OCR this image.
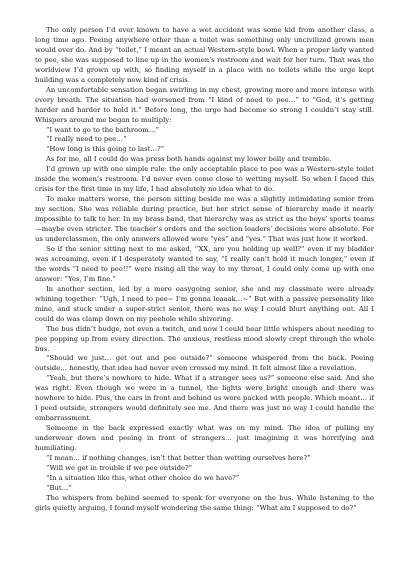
The only person I’d ever known to have a wet accident was some kid from another class, a long time ago. Peeing anywhere other than a toilet was something only uncivilized grown men would ever do. And by “toilet,” I meant an actual Western-style bowl. When a proper lady wanted to pee, she was supposed to line up in the women’s restroom and wait for her turn. That was the worldview I’d grown up with, so finding myself in a place with no toilets while the urge kept building was a completely new kind of crisis.

An uncomfortable sensation began swirling in my chest, growing more and more intense with every breath. The situation had worsened from “I kind of need to pee…” to “God, it’s getting harder and harder to hold it.” Before long, the urge had become so strong I couldn’t stay still. Whispers around me began to multiply:

“I want to go to the bathroom…”

“I really need to pee…”

“How long is this going to last…?”

As for me, all I could do was press both hands against my lower belly and tremble.

I’d grown up with one simple rule: the only acceptable place to pee was a Western-style toilet inside the women’s restroom. I’d never even come close to wetting myself. So when I faced this crisis for the first time in my life, I had absolutely no idea what to do.

To make matters worse, the person sitting beside me was a slightly intimidating senior from my section. She was reliable during practice, but her strict sense of hierarchy made it nearly impossible to talk to her. In my brass band, that hierarchy was as strict as the boys’ sports teams—maybe even stricter. The teacher’s orders and the section leaders’ decisions were absolute. For us underclassmen, the only answers allowed were “yes” and “yes.” That was just how it worked.

So if the senior sitting next to me asked, “XX, are you holding up well?” even if my bladder was screaming, even if I desperately wanted to say, “I really can’t hold it much longer,” even if the words “I need to pee!!” were rising all the way to my throat, I could only come up with one answer: “Yes, I’m fine.”

In another section, led by a more easygoing senior, she and my classmate were already whining together: “Ugh, I need to pee~ I’m gonna leaaak…~” But with a passive personality like mine, and stuck under a super-strict senior, there was no way I could blurt anything out. All I could do was clamp down on my peehole while shivering.

The bus didn’t budge, not even a twitch, and now I could hear little whispers about needing to pee popping up from every direction. The anxious, restless mood slowly crept through the whole bus.

“Should we just… get out and pee outside?” someone whispered from the back. Peeing outside… honestly, that idea had never even crossed my mind. It felt almost like a revelation.

“Yeah, but there’s nowhere to hide. What if a stranger sees us?” someone else said. And she was right. Even though we were in a tunnel, the lights were bright enough and there was nowhere to hide. Plus, the cars in front and behind us were packed with people. Which meant… if I peed outside, strangers would definitely see me. And there was just no way I could handle the embarrassment.

Someone in the back expressed exactly what was on my mind. The idea of pulling my underwear down and peeing in front of strangers… just imagining it was horrifying and humiliating.

“I mean… if nothing changes, isn’t that better than wetting ourselves here?”

“Will we get in trouble if we pee outside?”

“In a situation like this, what other choice do we have?”

“But…”

The whispers from behind seemed to speak for everyone on the bus. While listening to the girls quietly arguing, I found myself wondering the same thing: “What am I supposed to do?”
